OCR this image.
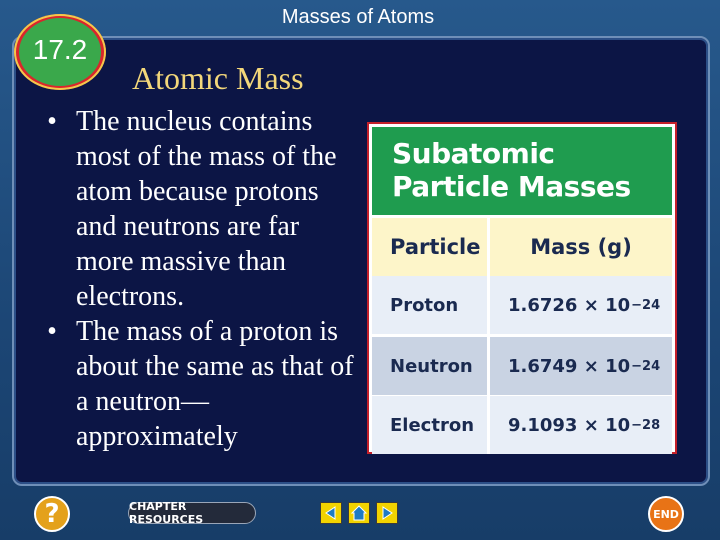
Masses of Atoms
17.2
Atomic Mass
• The nucleus contains most of the mass of the atom because protons and neutrons are far more massive than electrons.
• The mass of a proton is about the same as that of a neutron—approximately
Subatomic
Particle Masses
Particle	Mass (g)
Proton	1.6726 × 10 −24
Neutron	1.6749 × 10 −24
Electron	9.1093 × 10 −28
?	CHAPTER RESOURCES	END
